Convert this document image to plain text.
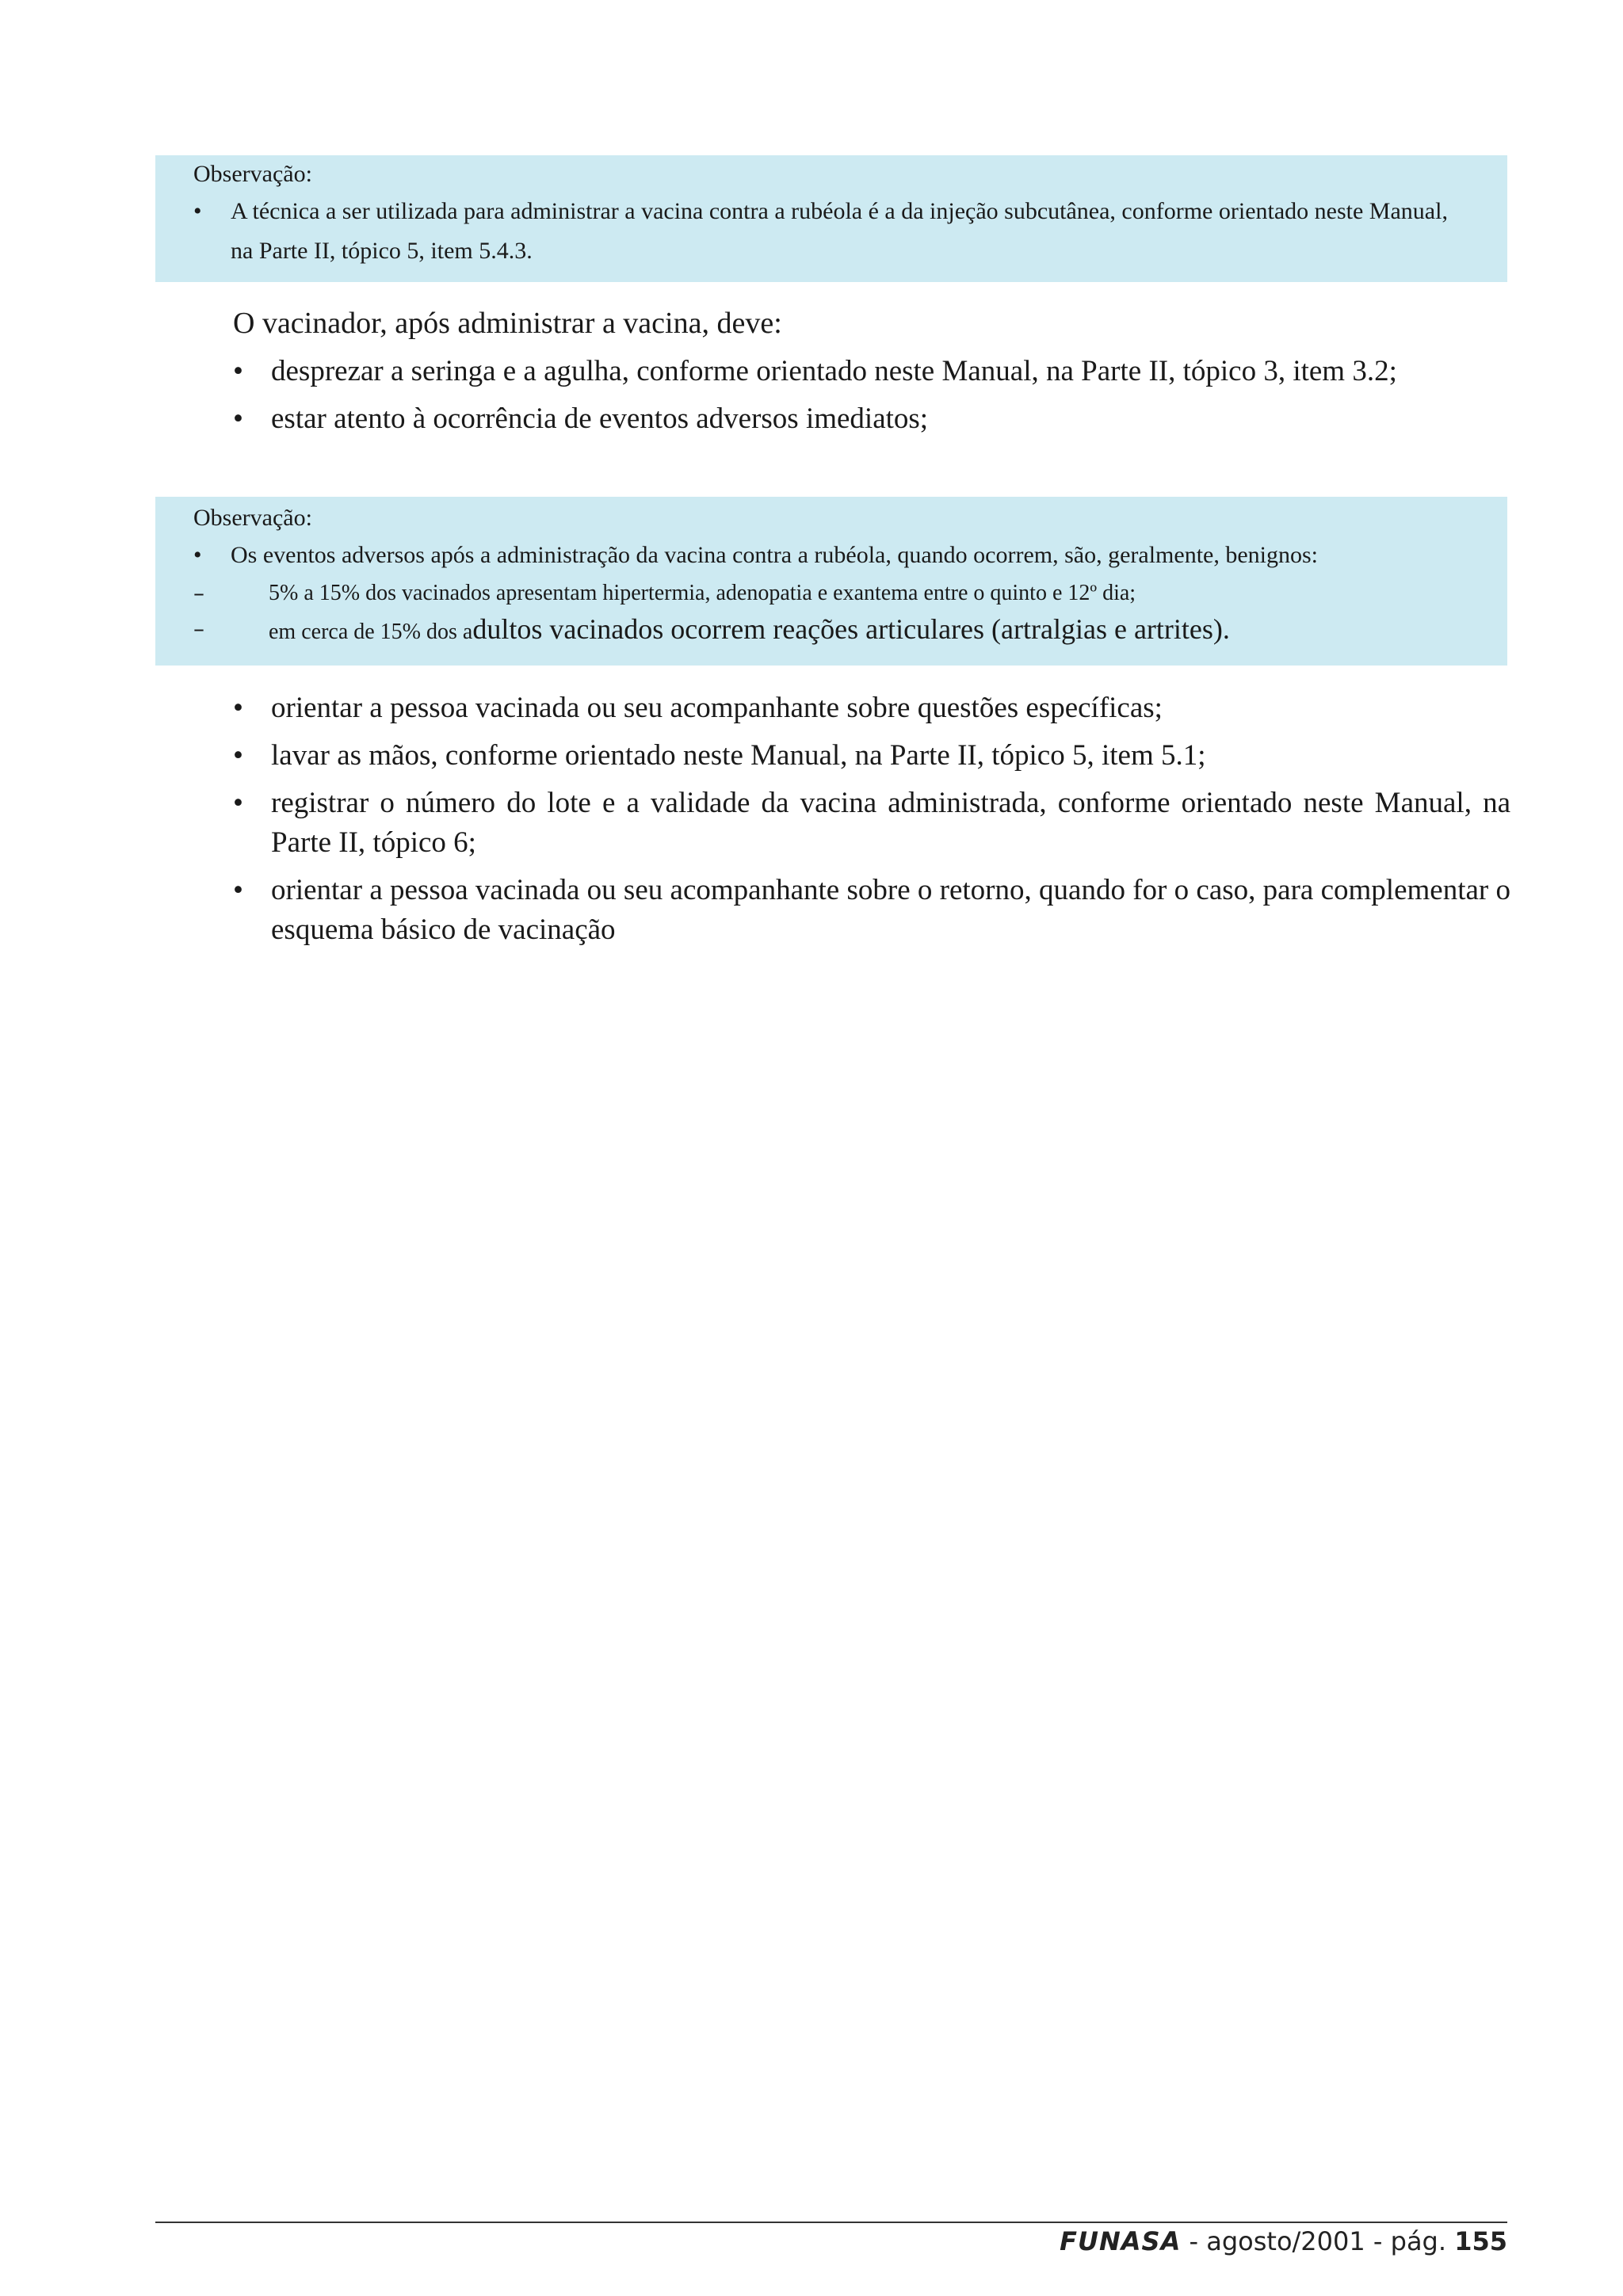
Observação:
• A técnica a ser utilizada para administrar a vacina contra a rubéola é a da injeção subcutânea, conforme orientado neste Manual, na Parte II, tópico 5, item 5.4.3.
O vacinador, após administrar a vacina, deve:
• desprezar a seringa e a agulha, conforme orientado neste Manual, na Parte II, tópico 3, item 3.2;
• estar atento à ocorrência de eventos adversos imediatos;
Observação:
• Os eventos adversos após a administração da vacina contra a rubéola, quando ocorrem, são, geralmente, benignos:
–	5% a 15% dos vacinados apresentam hipertermia, adenopatia e exantema entre o quinto e 12º dia;
–	em cerca de 15% dos adultos vacinados ocorrem reações articulares (artralgias e artrites).
• orientar a pessoa vacinada ou seu acompanhante sobre questões específicas;
• lavar as mãos, conforme orientado neste Manual, na Parte II, tópico 5, item 5.1;
• registrar o número do lote e a validade da vacina administrada, conforme orientado neste Manual, na Parte II, tópico 6;
• orientar a pessoa vacinada ou seu acompanhante sobre o retorno, quando for o caso, para complementar o esquema básico de vacinação
FUNASA - agosto/2001 - pág. 155
